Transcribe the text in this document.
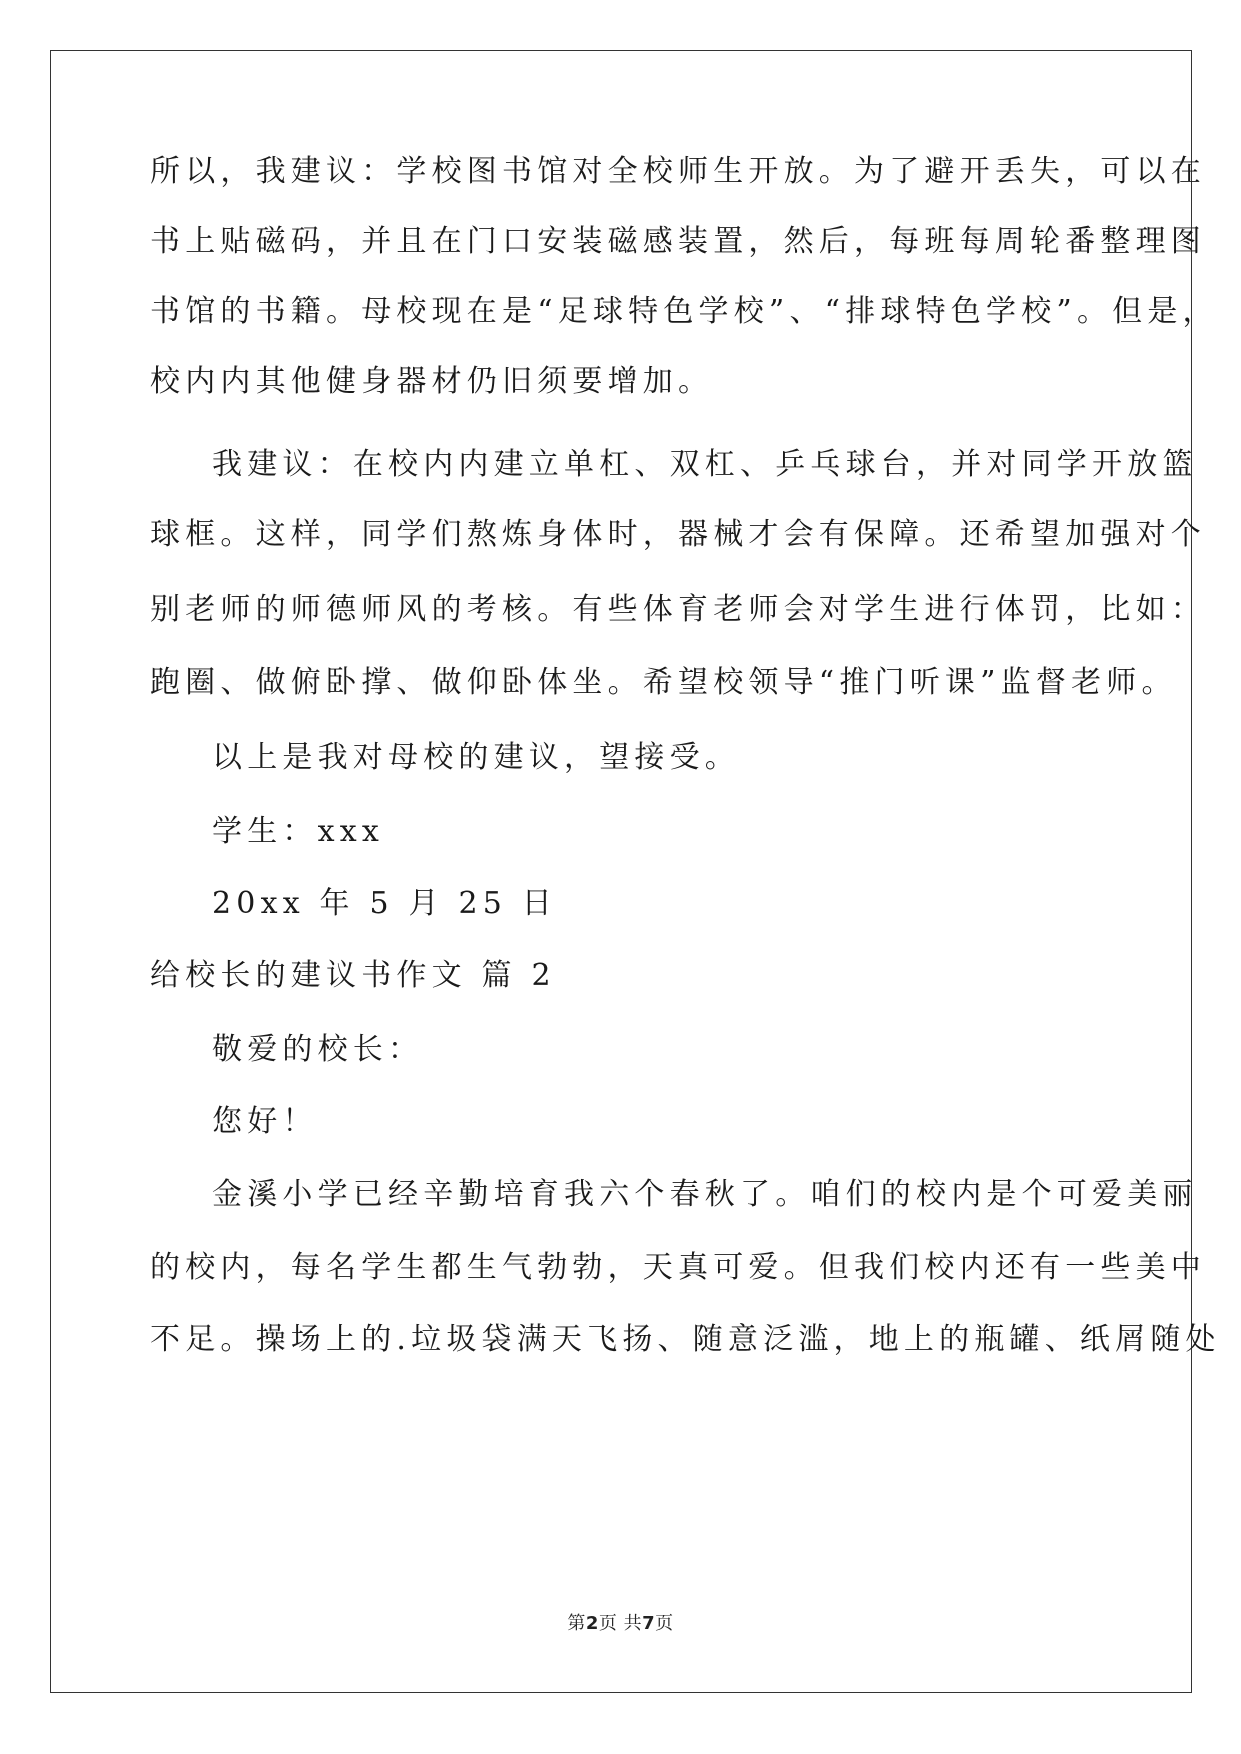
所以，我建议：学校图书馆对全校师生开放。为了避开丢失，可以在
书上贴磁码，并且在门口安装磁感装置，然后，每班每周轮番整理图
书馆的书籍。母校现在是“足球特色学校”、“排球特色学校”。但是，
校内内其他健身器材仍旧须要增加。
我建议：在校内内建立单杠、双杠、乒乓球台，并对同学开放篮
球框。这样，同学们熬炼身体时，器械才会有保障。还希望加强对个
别老师的师德师风的考核。有些体育老师会对学生进行体罚，比如：
跑圈、做俯卧撑、做仰卧体坐。希望校领导“推门听课”监督老师。
以上是我对母校的建议，望接受。
学生：xxx
20xx 年 5 月 25 日
给校长的建议书作文 篇 2
敬爱的校长：
您好！
金溪小学已经辛勤培育我六个春秋了。咱们的校内是个可爱美丽
的校内，每名学生都生气勃勃，天真可爱。但我们校内还有一些美中
不足。操场上的.垃圾袋满天飞扬、随意泛滥，地上的瓶罐、纸屑随处
第2页 共7页
